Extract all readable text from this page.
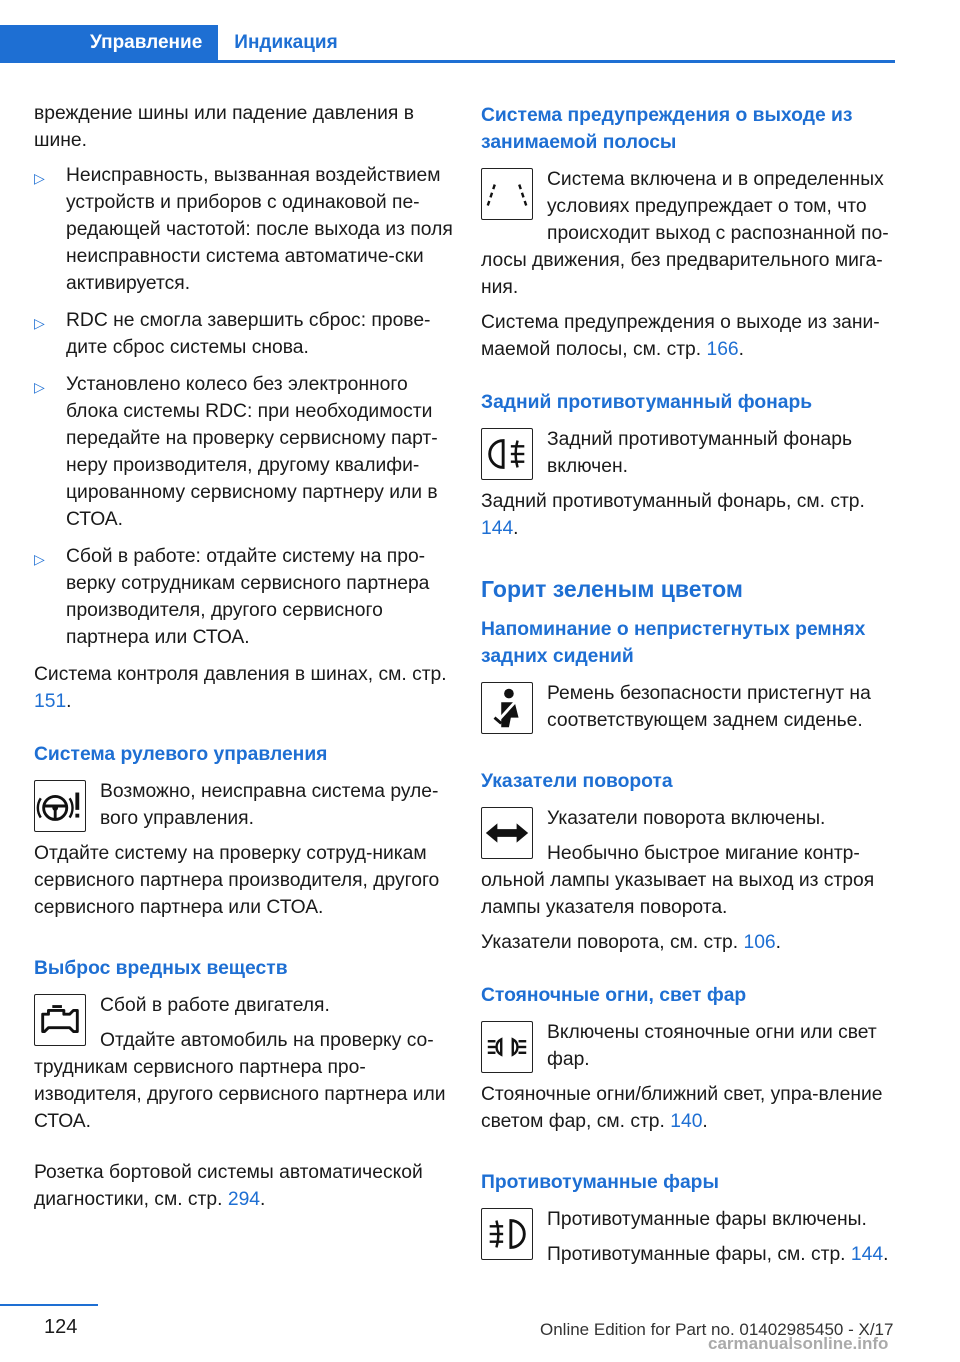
Управление	Индикация

вреждение шины или падение давления в шине.

▷ Неисправность, вызванная воздействием устройств и приборов с одинаковой пе-редающей частотой: после выхода из поля неисправности система автоматиче-ски активируется.
▷ RDC не смогла завершить сброс: прове-дите сброс системы снова.
▷ Установлено колесо без электронного блока системы RDC: при необходимости передайте на проверку сервисному парт-неру производителя, другому квалифи-цированному сервисному партнеру или в СТОА.
▷ Сбой в работе: отдайте систему на про-верку сотрудникам сервисного партнера производителя, другого сервисного партнера или СТОА.

Система контроля давления в шинах, см. стр. 151.

Система рулевого управления

Возможно, неисправна система руле-вого управления.

Отдайте систему на проверку сотруд-никам сервисного партнера производителя, другого сервисного партнера или СТОА.

Выброс вредных веществ

Сбой в работе двигателя.

Отдайте автомобиль на проверку со-трудникам сервисного партнера про-изводителя, другого сервисного партнера или СТОА.

Розетка бортовой системы автоматической диагностики, см. стр. 294.

Система предупреждения о выходе из занимаемой полосы

Система включена и в определенных условиях предупреждает о том, что происходит выход с распознанной по-лосы движения, без предварительного мига-ния.

Система предупреждения о выходе из зани-маемой полосы, см. стр. 166.

Задний противотуманный фонарь

Задний противотуманный фонарь включен.

Задний противотуманный фонарь, см. стр. 144.

Горит зеленым цветом
Напоминание о непристегнутых ремнях задних сидений

Ремень безопасности пристегнут на соответствующем заднем сиденье.

Указатели поворота

Указатели поворота включены.

Необычно быстрое мигание контр-ольной лампы указывает на выход из строя лампы указателя поворота.

Указатели поворота, см. стр. 106.

Стояночные огни, свет фар

Включены стояночные огни или свет фар.

Стояночные огни/ближний свет, упра-вление светом фар, см. стр. 140.

Противотуманные фары

Противотуманные фары включены.

Противотуманные фары, см. стр. 144.

124	Online Edition for Part no. 01402985450 - X/17
carmanualsonline.info
